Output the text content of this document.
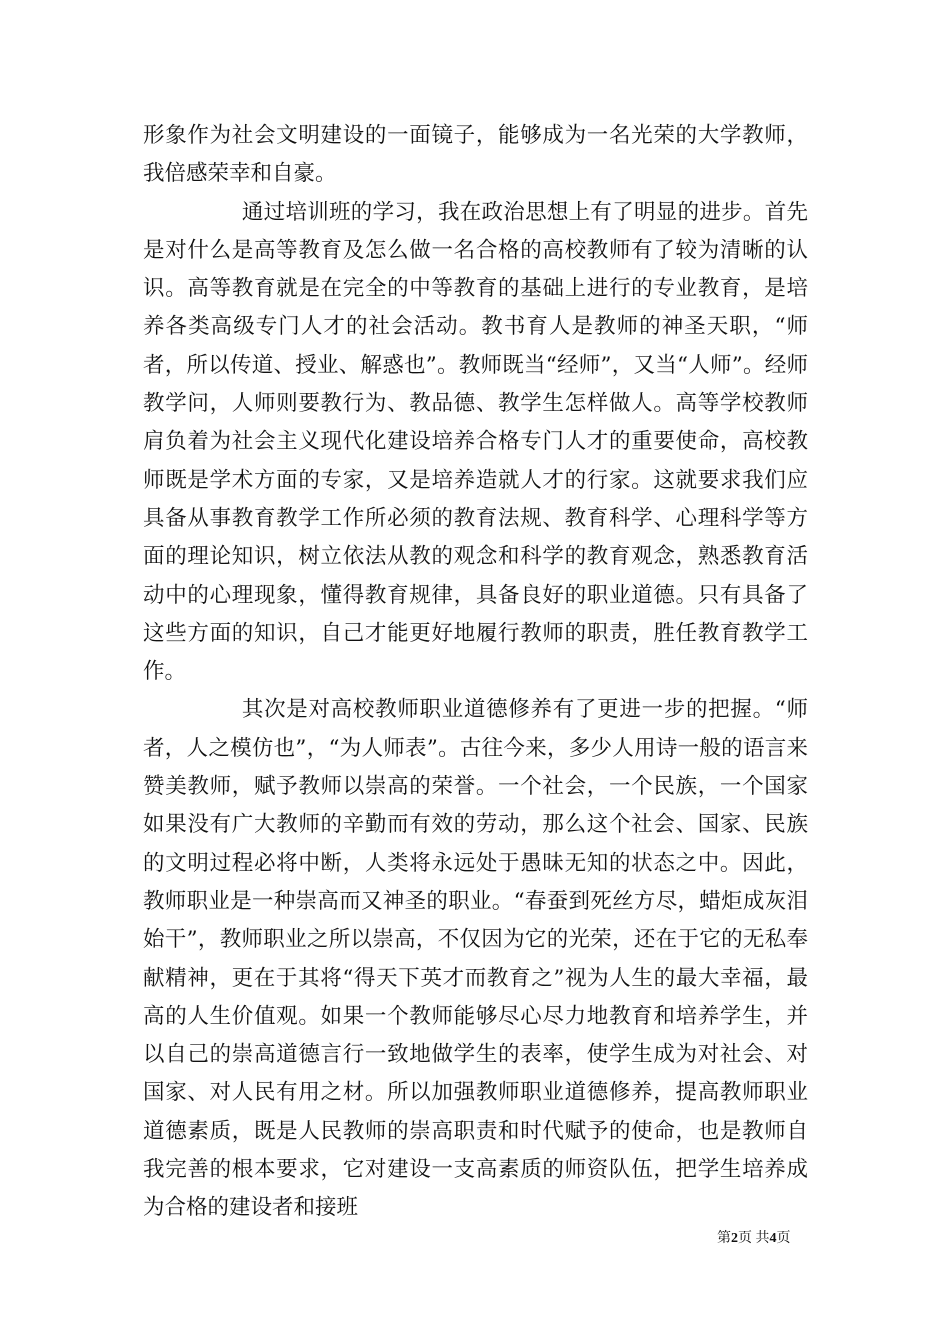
形象作为社会文明建设的一面镜子，能够成为一名光荣的大学教师，我倍感荣幸和自豪。

通过培训班的学习，我在政治思想上有了明显的进步。首先是对什么是高等教育及怎么做一名合格的高校教师有了较为清晰的认识。高等教育就是在完全的中等教育的基础上进行的专业教育，是培养各类高级专门人才的社会活动。教书育人是教师的神圣天职，“师者，所以传道、授业、解惑也”。教师既当“经师”，又当“人师”。经师教学问，人师则要教行为、教品德、教学生怎样做人。高等学校教师肩负着为社会主义现代化建设培养合格专门人才的重要使命，高校教师既是学术方面的专家，又是培养造就人才的行家。这就要求我们应具备从事教育教学工作所必须的教育法规、教育科学、心理科学等方面的理论知识，树立依法从教的观念和科学的教育观念，熟悉教育活动中的心理现象，懂得教育规律，具备良好的职业道德。只有具备了这些方面的知识，自己才能更好地履行教师的职责，胜任教育教学工作。

其次是对高校教师职业道德修养有了更进一步的把握。“师者，人之模仿也”，“为人师表”。古往今来，多少人用诗一般的语言来赞美教师，赋予教师以崇高的荣誉。一个社会，一个民族，一个国家如果没有广大教师的辛勤而有效的劳动，那么这个社会、国家、民族的文明过程必将中断，人类将永远处于愚昧无知的状态之中。因此，教师职业是一种崇高而又神圣的职业。“春蚕到死丝方尽，蜡炬成灰泪始干”，教师职业之所以崇高，不仅因为它的光荣，还在于它的无私奉献精神，更在于其将“得天下英才而教育之”视为人生的最大幸福，最高的人生价值观。如果一个教师能够尽心尽力地教育和培养学生，并以自己的崇高道德言行一致地做学生的表率，使学生成为对社会、对国家、对人民有用之材。所以加强教师职业道德修养，提高教师职业道德素质，既是人民教师的崇高职责和时代赋予的使命，也是教师自我完善的根本要求，它对建设一支高素质的师资队伍，把学生培养成为合格的建设者和接班

第2页 共4页
